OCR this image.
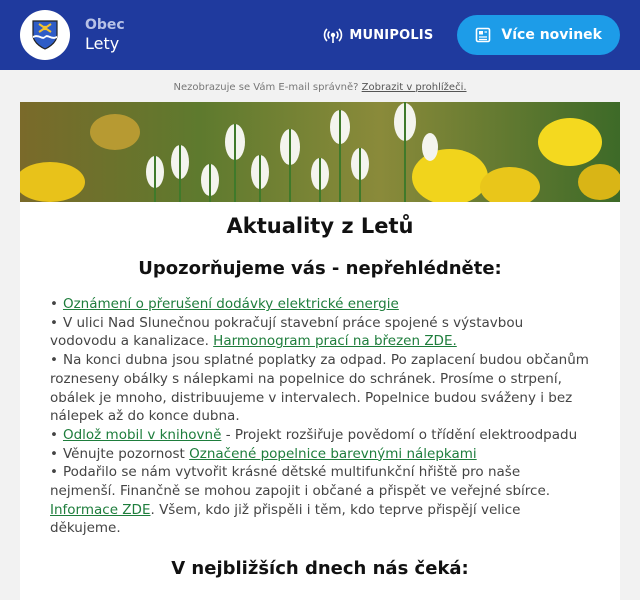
Obec
Lety	MUNIPOLIS	Více novinek
Nezobrazuje se Vám E-mail správně? Zobrazit v prohlížeči.
Aktuality z Letů
Upozorňujeme vás - nepřehlédněte:
• Oznámení o přerušení dodávky elektrické energie
• V ulici Nad Slunečnou pokračují stavební práce spojené s výstavbou vodovodu a kanalizace. Harmonogram prací na březen ZDE.
• Na konci dubna jsou splatné poplatky za odpad. Po zaplacení budou občanům rozneseny obálky s nálepkami na popelnice do schránek. Prosíme o strpení, obálek je mnoho, distribuujeme v intervalech. Popelnice budou sváženy i bez nálepek až do konce dubna.
• Odlož mobil v knihovně - Projekt rozšiřuje povědomí o třídění elektroodpadu
• Věnujte pozornost Označené popelnice barevnými nálepkami
• Podařilo se nám vytvořit krásné dětské multifunkční hřiště pro naše nejmenší. Finančně se mohou zapojit i občané a přispět ve veřejné sbírce. Informace ZDE. Všem, kdo již přispěli i těm, kdo teprve přispějí velice děkujeme.
V nejbližších dnech nás čeká:
